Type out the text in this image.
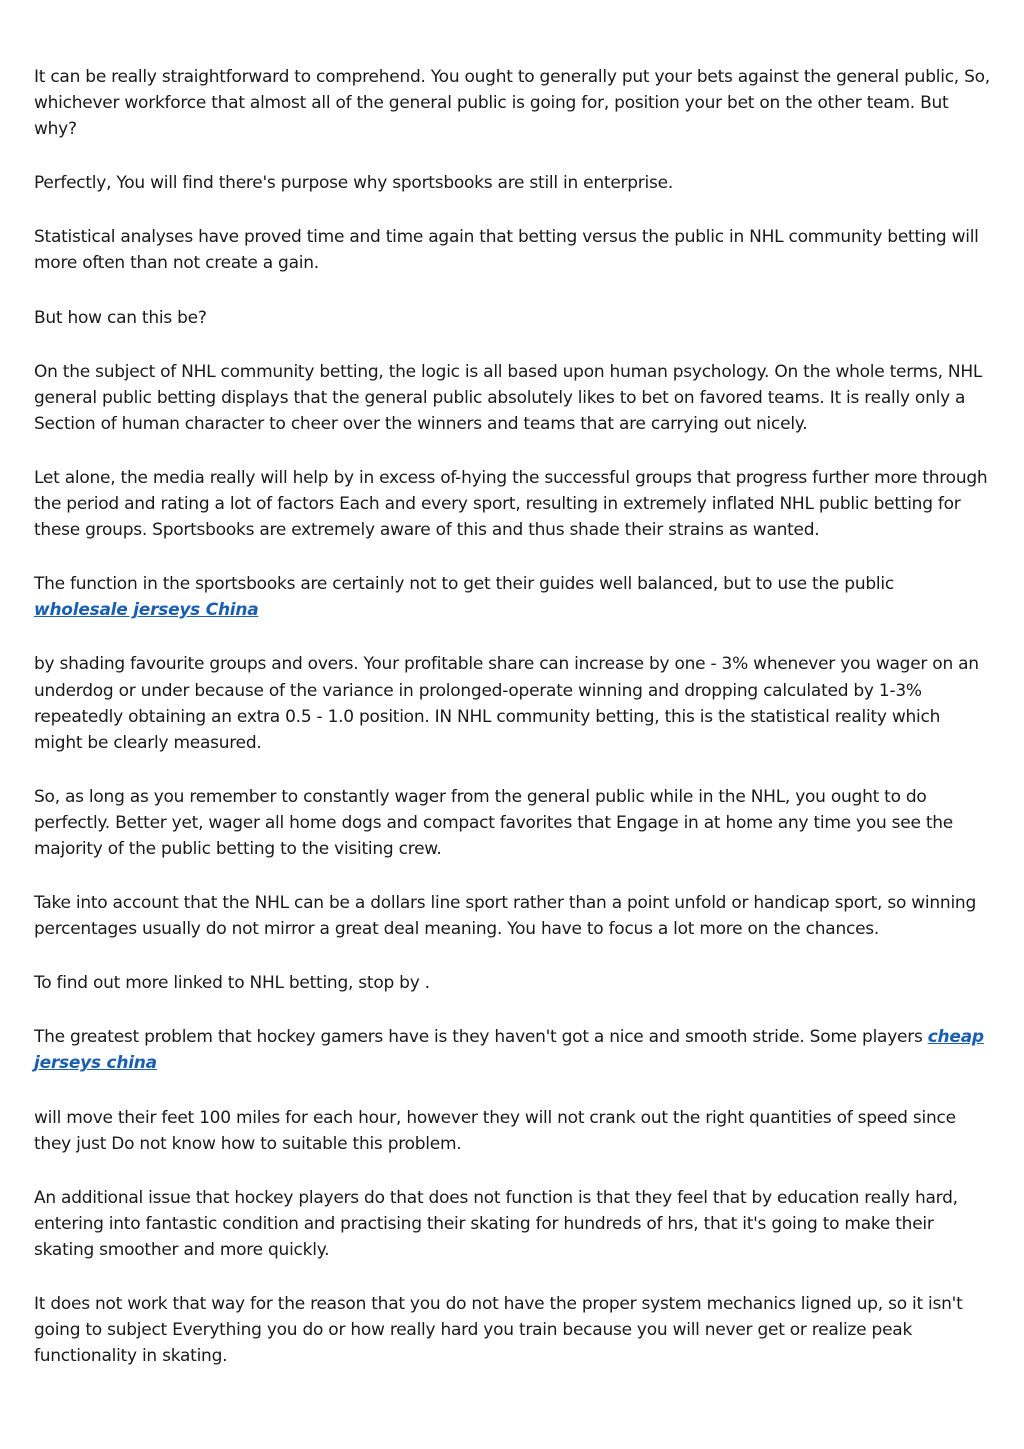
It can be really straightforward to comprehend. You ought to generally put your bets against the general public, So, whichever workforce that almost all of the general public is going for, position your bet on the other team. But why?

Perfectly, You will find there's purpose why sportsbooks are still in enterprise.

Statistical analyses have proved time and time again that betting versus the public in NHL community betting will more often than not create a gain.

But how can this be?

On the subject of NHL community betting, the logic is all based upon human psychology. On the whole terms, NHL general public betting displays that the general public absolutely likes to bet on favored teams. It is really only a Section of human character to cheer over the winners and teams that are carrying out nicely.

Let alone, the media really will help by in excess of-hying the successful groups that progress further more through the period and rating a lot of factors Each and every sport, resulting in extremely inflated NHL public betting for these groups. Sportsbooks are extremely aware of this and thus shade their strains as wanted.

The function in the sportsbooks are certainly not to get their guides well balanced, but to use the public wholesale jerseys China

by shading favourite groups and overs. Your profitable share can increase by one - 3% whenever you wager on an underdog or under because of the variance in prolonged-operate winning and dropping calculated by 1-3% repeatedly obtaining an extra 0.5 - 1.0 position. IN NHL community betting, this is the statistical reality which might be clearly measured.

So, as long as you remember to constantly wager from the general public while in the NHL, you ought to do perfectly. Better yet, wager all home dogs and compact favorites that Engage in at home any time you see the majority of the public betting to the visiting crew.

Take into account that the NHL can be a dollars line sport rather than a point unfold or handicap sport, so winning percentages usually do not mirror a great deal meaning. You have to focus a lot more on the chances.

To find out more linked to NHL betting, stop by .

The greatest problem that hockey gamers have is they haven't got a nice and smooth stride. Some players cheap jerseys china

will move their feet 100 miles for each hour, however they will not crank out the right quantities of speed since they just Do not know how to suitable this problem.

An additional issue that hockey players do that does not function is that they feel that by education really hard, entering into fantastic condition and practising their skating for hundreds of hrs, that it's going to make their skating smoother and more quickly.

It does not work that way for the reason that you do not have the proper system mechanics ligned up, so it isn't going to subject Everything you do or how really hard you train because you will never get or realize peak functionality in skating.
